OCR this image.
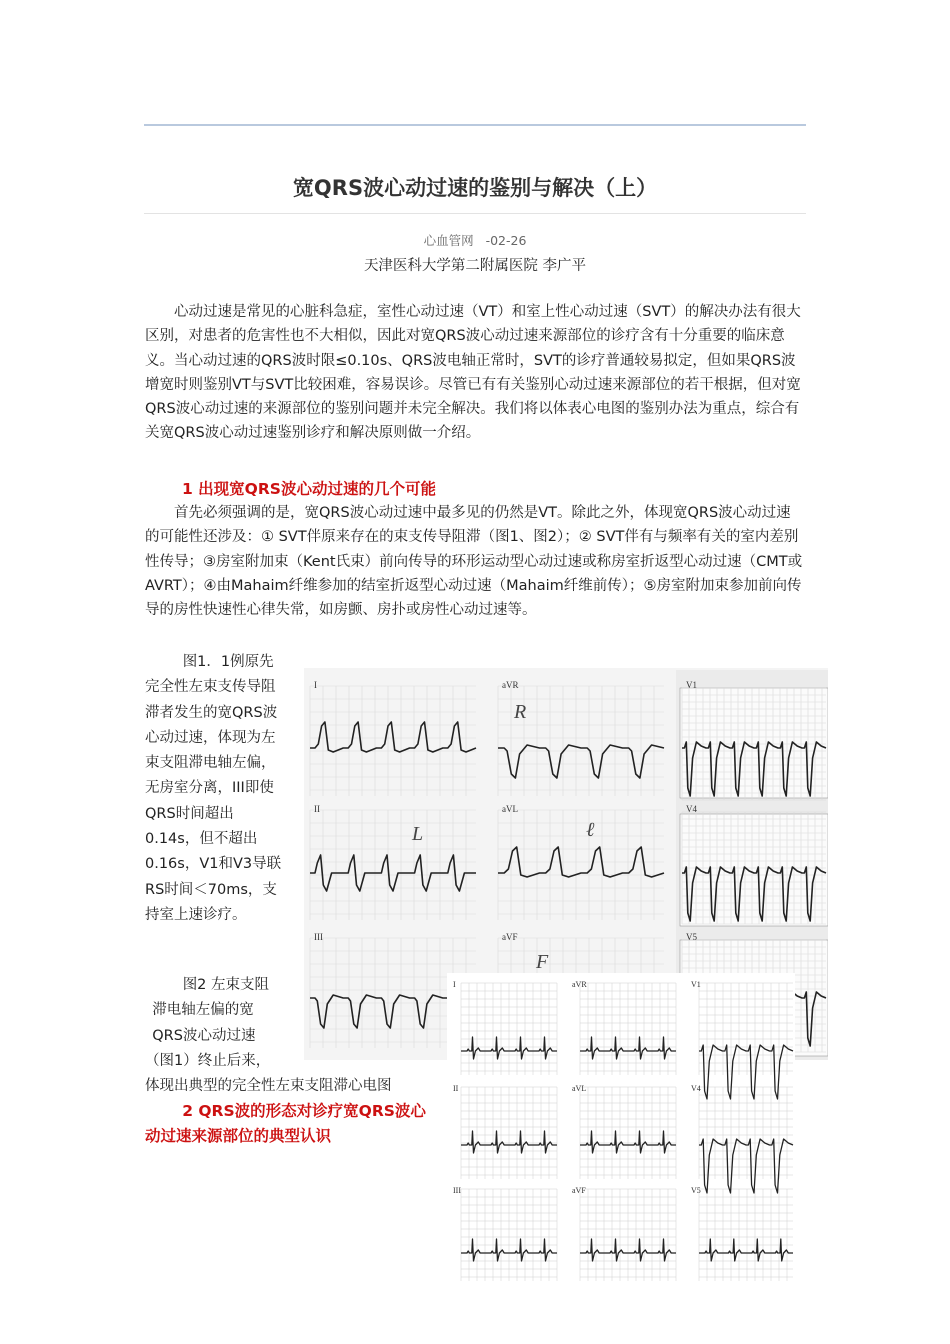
宽QRS波心动过速的鉴别与解决（上）
心血管网 -02-26
天津医科大学第二附属医院 李广平

心动过速是常见的心脏科急症，室性心动过速（VT）和室上性心动过速（SVT）的解决办法有很大区别，对患者的危害性也不大相似，因此对宽QRS波心动过速来源部位的诊疗含有十分重要的临床意义。当心动过速的QRS波时限≤0.10s、QRS波电轴正常时，SVT的诊疗普通较易拟定，但如果QRS波增宽时则鉴别VT与SVT比较困难，容易误诊。尽管已有有关鉴别心动过速来源部位的若干根据，但对宽QRS波心动过速的来源部位的鉴别问题并未完全解决。我们将以体表心电图的鉴别办法为重点，综合有关宽QRS波心动过速鉴别诊疗和解决原则做一介绍。

1 出现宽QRS波心动过速的几个可能

首先必须强调的是，宽QRS波心动过速中最多见的仍然是VT。除此之外，体现宽QRS波心动过速的可能性还涉及：① SVT伴原来存在的束支传导阻滞（图1、图2）；② SVT伴有与频率有关的室内差别性传导；③房室附加束（Kent氏束）前向传导的环形运动型心动过速或称房室折返型心动过速（CMT或AVRT）；④由Mahaim纤维参加的结室折返型心动过速（Mahaim纤维前传）；⑤房室附加束参加前向传导的房性快速性心律失常，如房颤、房扑或房性心动过速等。

图1．1例原先完全性左束支传导阻滞者发生的宽QRS波心动过速，体现为左束支阻滞电轴左偏，无房室分离，III即使QRS时间超出0.14s，但不超出0.16s，V1和V3导联RS时间＜70ms，支持室上速诊疗。

图2 左束支阻
滞电轴左偏的宽
QRS波心动过速
（图1）终止后来，
体现出典型的完全性左束支阻滞心电图

2 QRS波的形态对诊疗宽QRS波心动过速来源部位的典型认识
I	aVR	V1
II	aVL	V4
III	aVF	V5
R
L	ℓ
F
I	aVR	V1
II	aVL	V4
III	aVF	V5
